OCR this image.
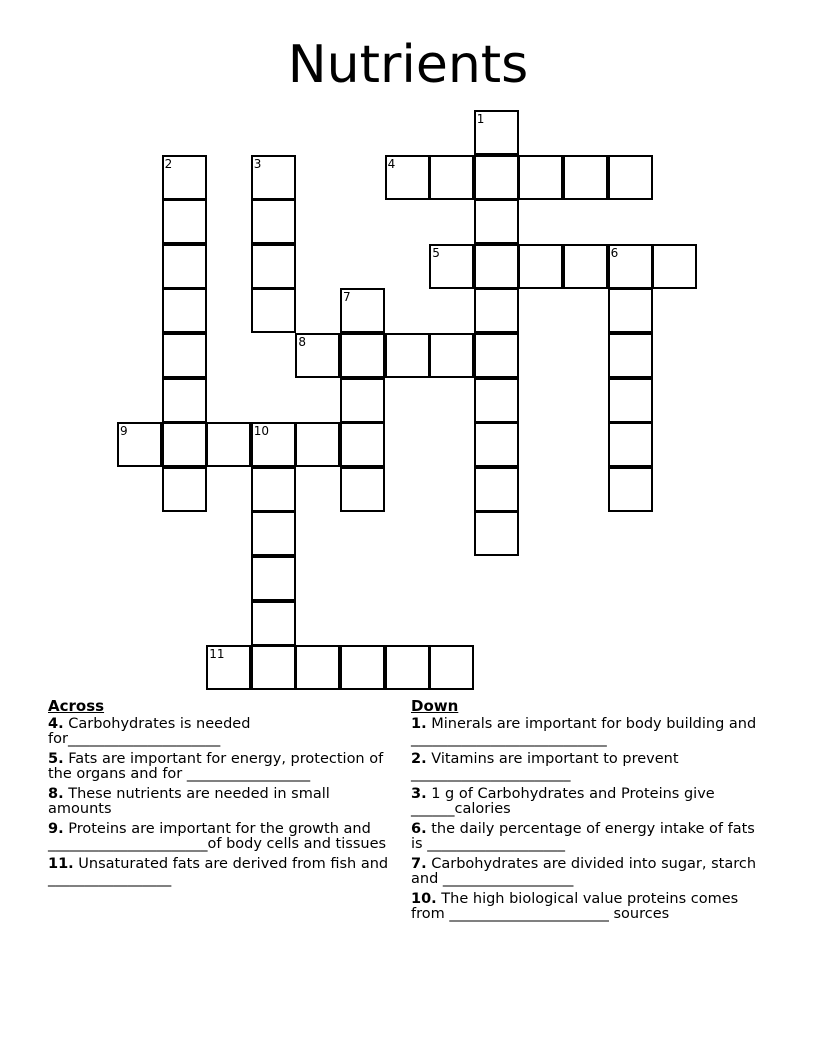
Nutrients
1
2	3	4
5	6
7
8
9	10
11
Across
4. Carbohydrates is needed for_____________________
5. Fats are important for energy, protection of the organs and for _________________
8. These nutrients are needed in small amounts
9. Proteins are important for the growth and ______________________of body cells and tissues
11. Unsaturated fats are derived from fish and _________________
Down
1. Minerals are important for body building and ___________________________
2. Vitamins are important to prevent ______________________
3. 1 g of Carbohydrates and Proteins give ______calories
6. the daily percentage of energy intake of fats is ___________________
7. Carbohydrates are divided into sugar, starch and __________________
10. The high biological value proteins comes from ______________________ sources
